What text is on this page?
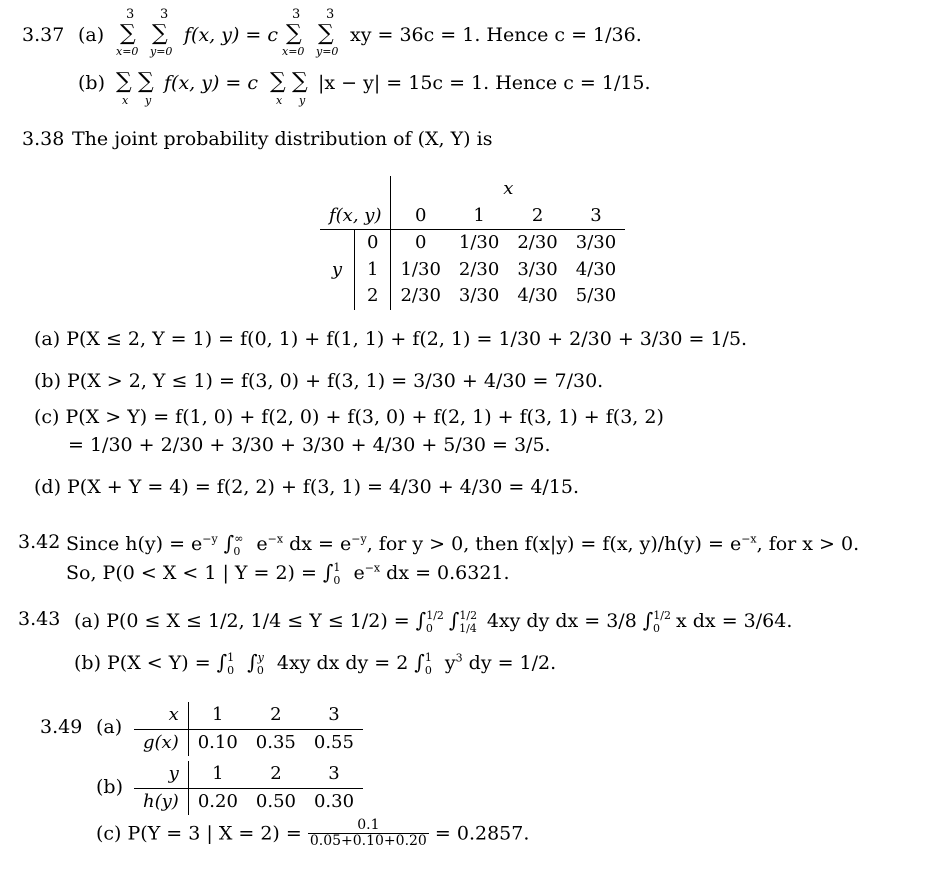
3.37 (a)
3 3
∑ ∑
x=0 y=0
f(x, y) = c
3 3
∑ ∑
x=0 y=0
xy = 36c = 1. Hence c = 1/36.
(b) ∑ ∑
x y
f(x, y) = c ∑ ∑
x y
|x − y| = 15c = 1. Hence c = 1/15.
3.38 The joint probability distribution of (X, Y) is
		x			
f(x, y)		0	1	2	3
	0	0	1/30	2/30	3/30
y	1	1/30	2/30	3/30	4/30
	2	2/30	3/30	4/30	5/30
(a) P(X ≤ 2, Y = 1) = f(0, 1) + f(1, 1) + f(2, 1) = 1/30 + 2/30 + 3/30 = 1/5.
(b) P(X > 2, Y ≤ 1) = f(3, 0) + f(3, 1) = 3/30 + 4/30 = 7/30.
(c) P(X > Y) = f(1, 0) + f(2, 0) + f(3, 0) + f(2, 1) + f(3, 1) + f(3, 2)
= 1/30 + 2/30 + 3/30 + 3/30 + 4/30 + 5/30 = 3/5.
(d) P(X + Y = 4) = f(2, 2) + f(3, 1) = 4/30 + 4/30 = 4/15.
3.42 Since $h(y) = e^{-y}$ $\int^\infty_0$ $e^{-x}$ dx = $e^{-y}$, for y > 0, then f(x|y) = f(x, $y)/h(y) = e^{-x}$, for x > 0.
So, P(0 < X < 1 | Y = 2) = ∫$^1_0$ $e^{-x}$ dx = 0.6321.
3.43 (a) P(0 ≤ X ≤ 1/2, 1/4 ≤ Y ≤ 1/2) = ∫$^{1/2}_0$ ∫$^{1/2}_{1/4}$ 4xy dy dx = 3/8 ∫$^{1/2}_0$ x dx = 3/64.
(b) P(X < Y) = ∫$^1_0$ ∫$^y_0$ 4xy dx dy = 2 ∫$^1_0$ $y^3$ dy = 1/2.
3.49 (a)
x	1	2	3
g(x)	0.10	0.35	0.55
(b)
y	1	2	3
h(y)	0.20	0.50	0.30
(c) P(Y = 3 | $X = 2) = \frac{0.1}{0.05+0.10+0.20} = 0.2857$.
